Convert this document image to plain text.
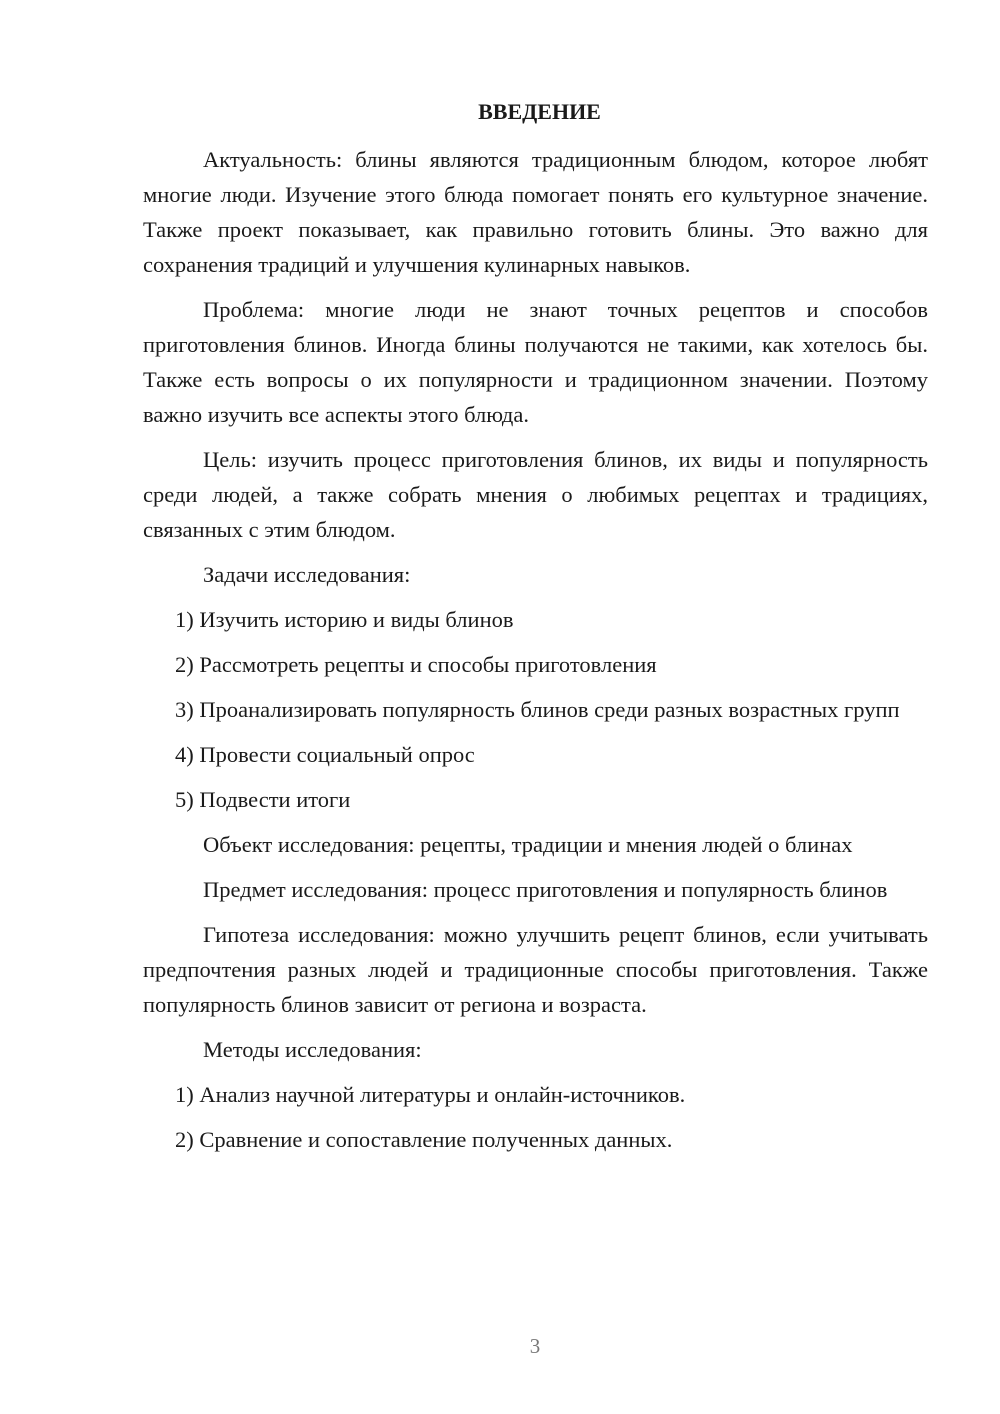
ВВЕДЕНИЕ

Актуальность: блины являются традиционным блюдом, которое любят многие люди. Изучение этого блюда помогает понять его культурное значение. Также проект показывает, как правильно готовить блины. Это важно для сохранения традиций и улучшения кулинарных навыков.

Проблема: многие люди не знают точных рецептов и способов приготовления блинов. Иногда блины получаются не такими, как хотелось бы. Также есть вопросы о их популярности и традиционном значении. Поэтому важно изучить все аспекты этого блюда.

Цель: изучить процесс приготовления блинов, их виды и популярность среди людей, а также собрать мнения о любимых рецептах и традициях, связанных с этим блюдом.

Задачи исследования:

1) Изучить историю и виды блинов

2) Рассмотреть рецепты и способы приготовления

3) Проанализировать популярность блинов среди разных возрастных групп

4) Провести социальный опрос

5) Подвести итоги

Объект исследования: рецепты, традиции и мнения людей о блинах

Предмет исследования: процесс приготовления и популярность блинов

Гипотеза исследования: можно улучшить рецепт блинов, если учитывать предпочтения разных людей и традиционные способы приготовления. Также популярность блинов зависит от региона и возраста.

Методы исследования:

1) Анализ научной литературы и онлайн-источников.

2) Сравнение и сопоставление полученных данных.

3
